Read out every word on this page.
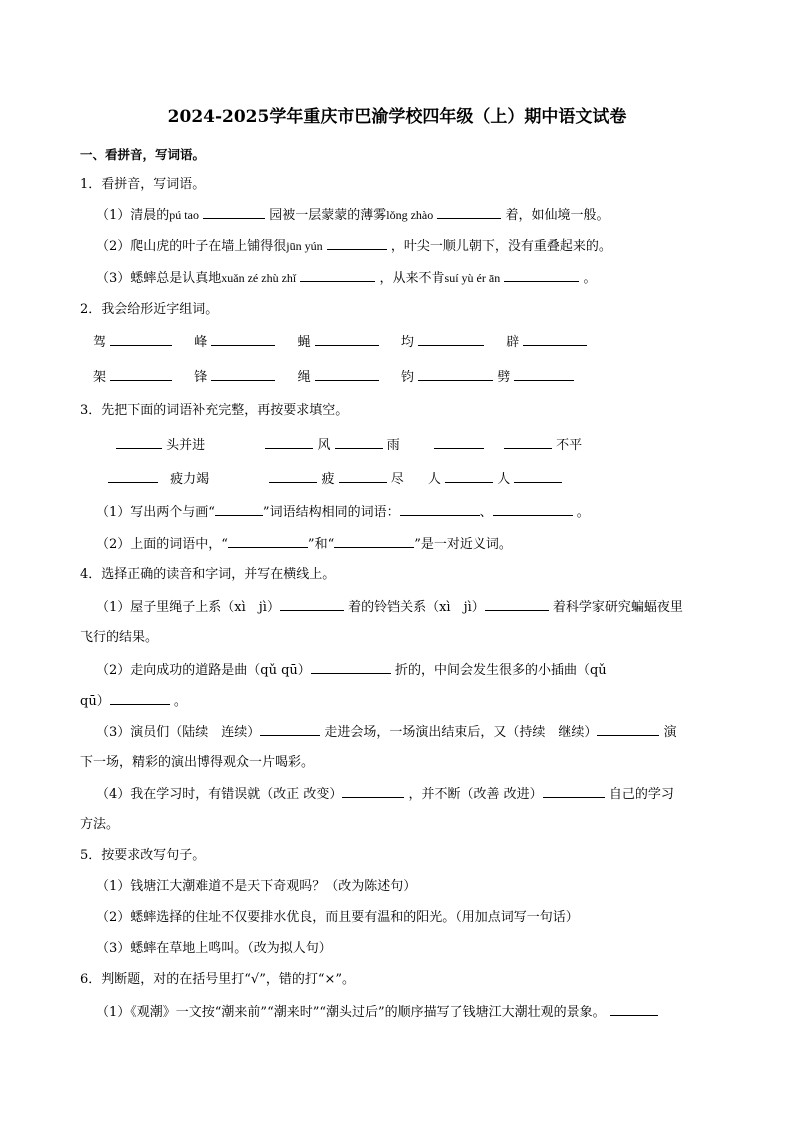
2024-2025学年重庆市巴渝学校四年级（上）期中语文试卷
一、看拼音，写词语。
1．看拼音，写词语。
（1）清晨的pú tao	园被一层蒙蒙的薄雾lǒng zhào	着，如仙境一般。
（2）爬山虎的叶子在墙上铺得很jūn yún	，叶尖一顺儿朝下，没有重叠起来的。
（3）蟋蟀总是认真地xuǎn zé zhù zhǐ	，从来不肯suí yù ér ān	。
2．我会给形近字组词。
驾	峰	蝇	均	辟
架	锋	绳	钧	劈
3．先把下面的词语补充完整，再按要求填空。
头并进	风	雨	不平
疲力竭	疲	尽 人	人
（1）写出两个与画“	”词语结构相同的词语：	、	。
（2）上面的词语中，“	”和“	”是一对近义词。
4．选择正确的读音和字词，并写在横线上。
（1）屋子里绳子上系（xì　jì）	着的铃铛关系（xì　jì）	着科学家研究蝙蝠夜里
飞行的结果。
（2）走向成功的道路是曲（qǔ qū）	折的，中间会发生很多的小插曲（qǔ
qū）	。
（3）演员们（陆续　连续）	走进会场，一场演出结束后，又（持续　继续）	演
下一场，精彩的演出博得观众一片喝彩。
（4）我在学习时，有错误就（改正 改变）	，并不断（改善 改进）	自己的学习
方法。
5．按要求改写句子。
（1）钱塘江大潮难道不是天下奇观吗？（改为陈述句）
（2）蟋蟀选择的住址不仅要排水优良，而且要有温和的阳光。（用加点词写一句话）
（3）蟋蟀在草地上鸣叫。（改为拟人句）
6．判断题，对的在括号里打“√”，错的打“×”。
（1）《观潮》一文按“潮来前”“潮来时”“潮头过后”的顺序描写了钱塘江大潮壮观的景象。
